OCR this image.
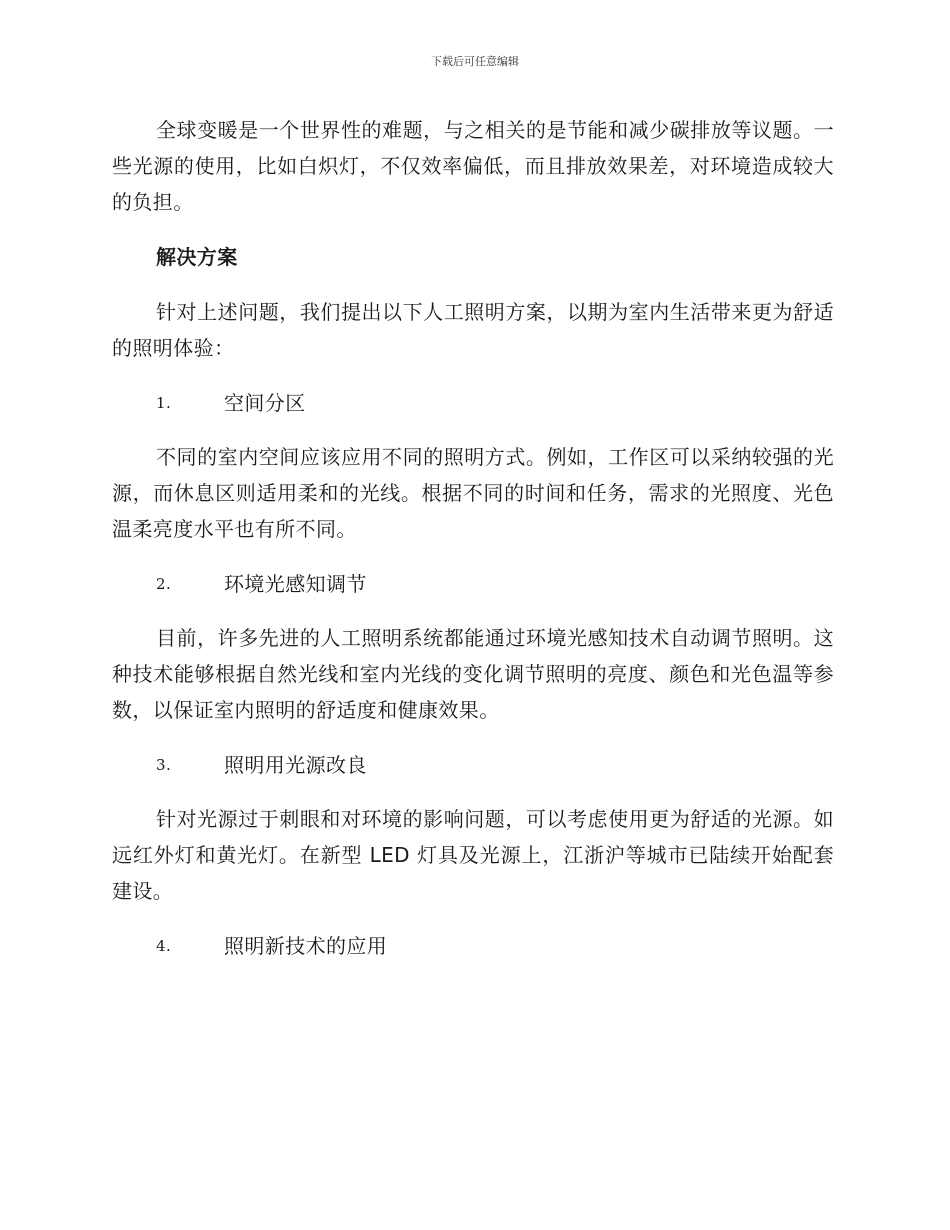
下载后可任意编辑

全球变暖是一个世界性的难题，与之相关的是节能和减少碳排放等议题。一些光源的使用，比如白炽灯，不仅效率偏低，而且排放效果差，对环境造成较大的负担。

解决方案

针对上述问题，我们提出以下人工照明方案，以期为室内生活带来更为舒适的照明体验：

1.	空间分区

不同的室内空间应该应用不同的照明方式。例如，工作区可以采纳较强的光源，而休息区则适用柔和的光线。根据不同的时间和任务，需求的光照度、光色温柔亮度水平也有所不同。

2.	环境光感知调节

目前，许多先进的人工照明系统都能通过环境光感知技术自动调节照明。这种技术能够根据自然光线和室内光线的变化调节照明的亮度、颜色和光色温等参数，以保证室内照明的舒适度和健康效果。

3.	照明用光源改良

针对光源过于刺眼和对环境的影响问题，可以考虑使用更为舒适的光源。如远红外灯和黄光灯。在新型 LED 灯具及光源上，江浙沪等城市已陆续开始配套建设。

4.	照明新技术的应用
